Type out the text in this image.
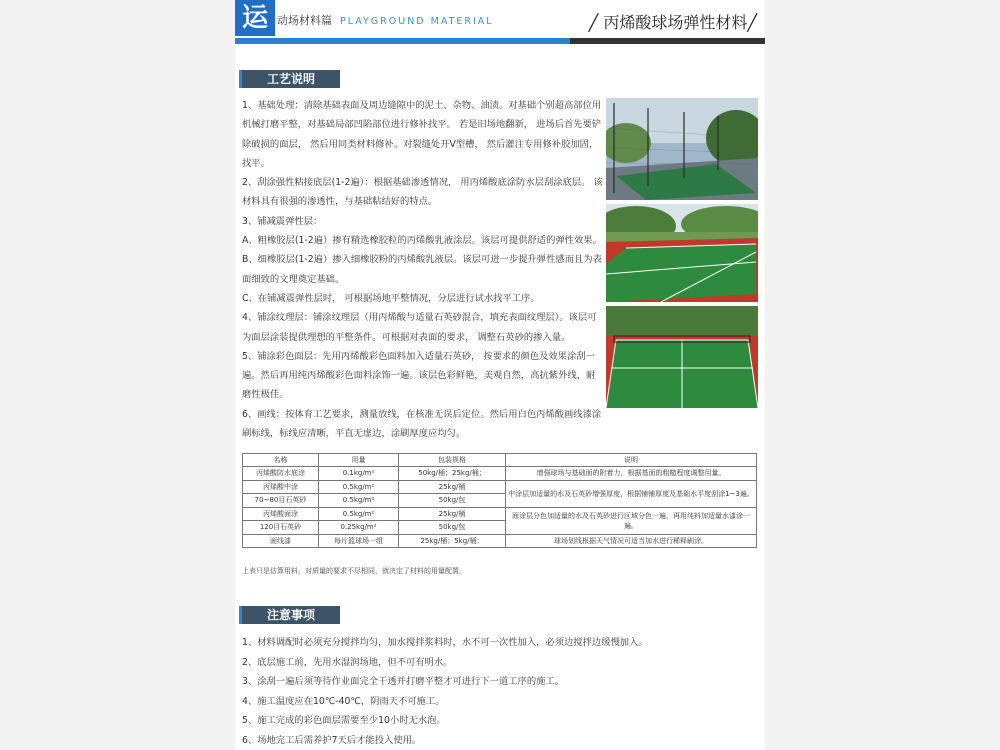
运 动场材料篇 PLAYGROUND MATERIAL	╱ 丙烯酸球场弹性材料╱
工艺说明

1、基础处理：清除基础表面及周边缝隙中的泥土、杂物、油渍。对基础个别超高部位用机械打磨平整，对基础局部凹陷部位进行修补找平。 若是旧场地翻新， 进场后首先要铲除破损的面层， 然后用同类材料修补。对裂缝处开V型槽， 然后灌注专用修补胶加固， 找平。

2、刮涂强性粘接底层(1-2遍）：根据基础渗透情况， 用丙烯酸底涂防水层刮涂底层。 该材料具有很强的渗透性，与基础粘结好的特点。

3、铺减震弹性层：

A、粗橡胶层(1-2遍）掺有精选橡胶粒的丙烯酸乳液涂层。该层可提供舒适的弹性效果。

B、细橡胶层(1-2遍）掺入细橡胶粉的丙烯酸乳液层。该层可进一步提升弹性感而且为表面细致的文理奠定基础。

C、在铺减震弹性层时， 可根据场地平整情况，分层进行试水找平工序。

4、铺涂纹理层：铺涂纹理层（用丙烯酸与适量石英砂混合，填充表面纹理层）。该层可为面层涂装提供理想的平整条件。可根据对表面的要求， 调整石英砂的掺入量。

5、铺涂彩色面层：先用丙烯酸彩色面料加入适量石英砂， 按要求的颜色及效果涂刮一遍。然后再用纯丙烯酸彩色面料涂饰一遍。该层色彩鲜艳，美观自然，高抗紫外线，耐磨性极佳。

6、画线：按体育工艺要求，测量放线，在核准无误后定位。然后用白色丙烯酸画线漆涂刷标线，标线应清晰，平直无虚边，涂刷厚度应均匀。

名称	用量	包装规格	说明
丙烯酸防水底涂	0.1kg/m²	50kg/桶；25kg/桶；	增强球场与基础面的附着力，根据基面的粗糙程度调整用量。
丙烯酸中涂	0.5kg/m²	25kg/桶	中涂层加适量的水及石英砂增强厚度，根据铺铺厚度及基础水平度刮涂1~3遍。
70~80目石英砂	0.5kg/m²	50kg/包	
丙烯酸面涂	0.5kg/m²	25kg/桶	面涂层分色加适量的水及石英砂进行区域分色一遍，再用纯料加适量水漆涂一遍。
120目石英砂	0.25kg/m²	50kg/包	
画线漆	每片篮球场一组	25kg/桶；5kg/桶；	球场划线根据天气情况可适当加水进行稀释刷涂。
上表只是估算用料，对质量的要求不尽相同，就决定了材料的用量配置。
注意事项

1、材料调配时必须充分搅拌均匀，加水搅拌浆料时，水不可一次性加入，必须边搅拌边缓慢加入。

2、底层施工前，先用水湿润场地，但不可有明水。

3、涂刮一遍后须等待作业面完全干透并打磨平整才可进行下一道工序的施工。

4、施工温度应在10℃-40℃，阴雨天不可施工。

5、施工完成的彩色面层需要至少10小时无水泡。

6、场地完工后需养护7天后才能投入使用。
